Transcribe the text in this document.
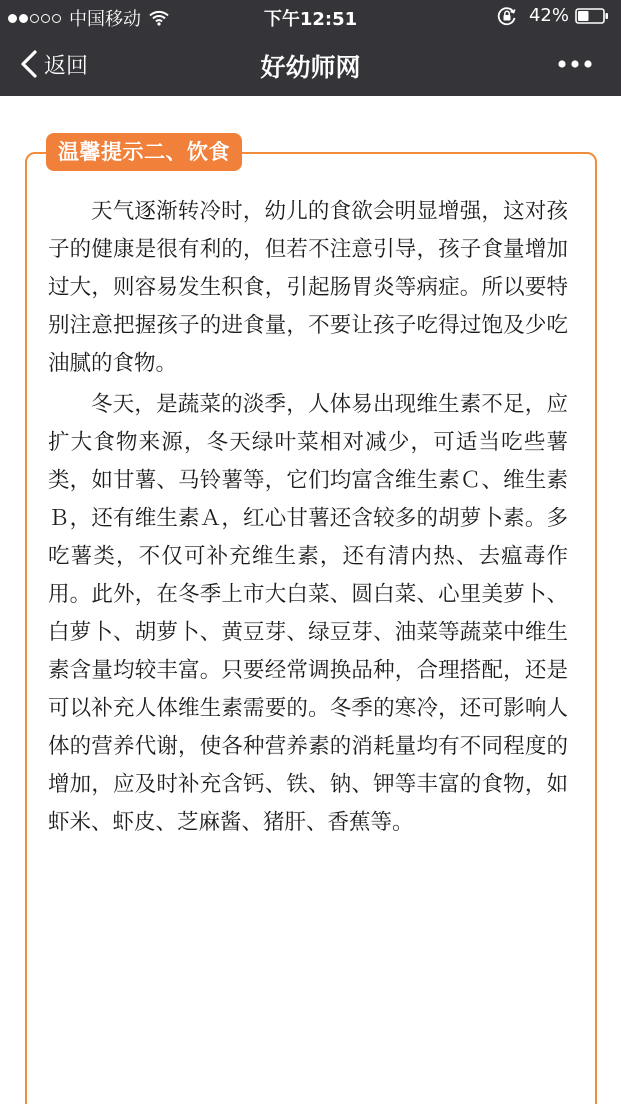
中国移动	下午12:51	42%
返回	好幼师网
温馨提示二、饮食

天气逐渐转冷时，幼儿的食欲会明显增强，这对孩子的健康是很有利的，但若不注意引导，孩子食量增加过大，则容易发生积食，引起肠胃炎等病症。所以要特别注意把握孩子的进食量，不要让孩子吃得过饱及少吃油腻的食物。

冬天，是蔬菜的淡季，人体易出现维生素不足，应扩大食物来源，冬天绿叶菜相对减少，可适当吃些薯类，如甘薯、马铃薯等，它们均富含维生素Ｃ、维生素Ｂ，还有维生素Ａ，红心甘薯还含较多的胡萝卜素。多吃薯类，不仅可补充维生素，还有清内热、去瘟毒作用。此外，在冬季上市大白菜、圆白菜、心里美萝卜、白萝卜、胡萝卜、黄豆芽、绿豆芽、油菜等蔬菜中维生素含量均较丰富。只要经常调换品种，合理搭配，还是可以补充人体维生素需要的。冬季的寒冷，还可影响人体的营养代谢，使各种营养素的消耗量均有不同程度的增加，应及时补充含钙、铁、钠、钾等丰富的食物，如虾米、虾皮、芝麻酱、猪肝、香蕉等。
